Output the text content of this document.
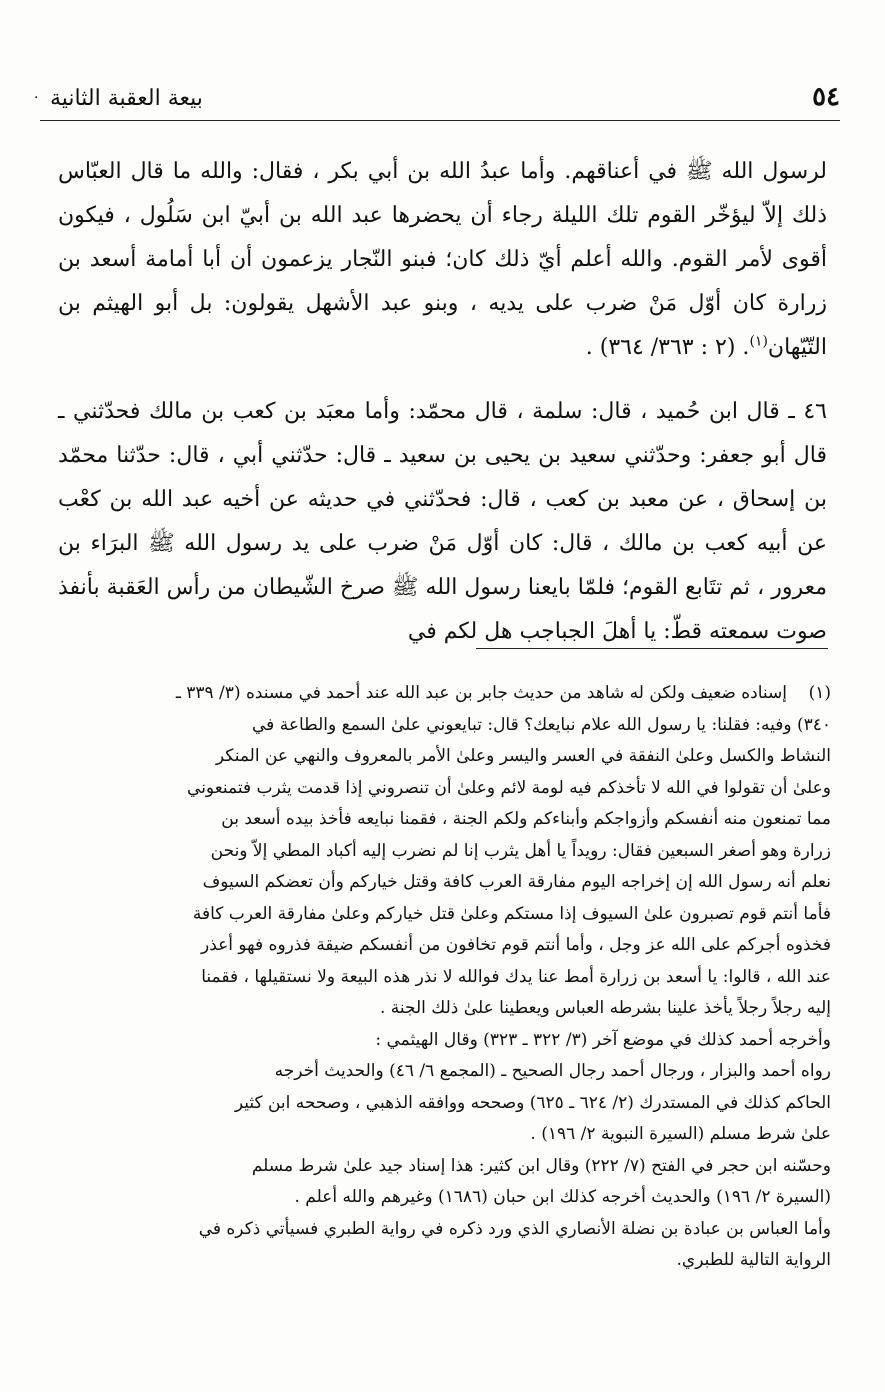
٥٤
بيعة العقبة الثانية
·

لرسول الله ﷺ في أعناقهم. وأما عبدُ الله بن أبي بكر ، فقال: والله ما قال العبّاس ذلك إلاّ ليؤخّر القوم تلك الليلة رجاء أن يحضرها عبد الله بن أبيّ ابن سَلُول ، فيكون أقوى لأمر القوم. والله أعلم أيّ ذلك كان؛ فبنو النّجار يزعمون أن أبا أمامة أسعد بن زرارة كان أوّل مَنْ ضرب على يديه ، وبنو عبد الأشهل يقولون: بل أبو الهيثم بن التّيّهان$^{(١)}$. (٢ : ٣٦٣/ ٣٦٤) .

٤٦ ـ قال ابن حُميد ، قال: سلمة ، قال محمّد: وأما معبَد بن كعب بن مالك فحدّثني ـ قال أبو جعفر: وحدّثني سعيد بن يحيى بن سعيد ـ قال: حدّثني أبي ، قال: حدّثنا محمّد بن إسحاق ، عن معبد بن كعب ، قال: فحدّثني في حديثه عن أخيه عبد الله بن كعْب عن أبيه كعب بن مالك ، قال: كان أوّل مَنْ ضرب على يد رسول الله ﷺ البرَاء بن معرور ، ثم تتَابع القوم؛ فلمّا بايعنا رسول الله ﷺ صرخ الشّيطان من رأس العَقبة بأنفذ صوت سمعته قطّ: يا أهلَ الجباجب هل لكم في

(١)
إسناده ضعيف ولكن له شاهد من حديث جابر بن عبد الله عند أحمد في مسنده (٣/ ٣٣٩ ـ
٣٤٠) وفيه: فقلنا: يا رسول الله علام نبايعك؟ قال: تبايعوني علىٰ السمع والطاعة في
النشاط والكسل وعلىٰ النفقة في العسر واليسر وعلىٰ الأمر بالمعروف والنهي عن المنكر
وعلىٰ أن تقولوا في الله لا تأخذكم فيه لومة لائم وعلىٰ أن تنصروني إذا قدمت يثرب فتمنعوني
مما تمنعون منه أنفسكم وأزواجكم وأبناءكم ولكم الجنة ، فقمنا نبايعه فأخذ بيده أسعد بن
زرارة وهو أصغر السبعين فقال: رويداً يا أهل يثرب إنا لم نضرب إليه أكباد المطي إلاّ ونحن
نعلم أنه رسول الله إن إخراجه اليوم مفارقة العرب كافة وقتل خياركم وأن تعضكم السيوف
فأما أنتم قوم تصبرون علىٰ السيوف إذا مستكم وعلىٰ قتل خياركم وعلىٰ مفارقة العرب كافة
فخذوه أجركم على الله عز وجل ، وأما أنتم قوم تخافون من أنفسكم ضيقة فذروه فهو أعذر
عند الله ، قالوا: يا أسعد بن زرارة أمط عنا يدك فوالله لا نذر هذه البيعة ولا نستقيلها ، فقمنا
إليه رجلاً رجلاً يأخذ علينا بشرطه العباس ويعطينا علىٰ ذلك الجنة .
وأخرجه أحمد كذلك في موضع آخر (٣/ ٣٢٢ ـ ٣٢٣) وقال الهيثمي :
رواه أحمد والبزار ، ورجال أحمد رجال الصحيح ـ (المجمع ٦/ ٤٦) والحديث أخرجه
الحاكم كذلك في المستدرك (٢/ ٦٢٤ ـ ٦٢٥) وصححه ووافقه الذهبي ، وصححه ابن كثير
علىٰ شرط مسلم (السيرة النبوية ٢/ ١٩٦) .
وحسّنه ابن حجر في الفتح (٧/ ٢٢٢) وقال ابن كثير: هذا إسناد جيد علىٰ شرط مسلم
(السيرة ٢/ ١٩٦) والحديث أخرجه كذلك ابن حبان (١٦٨٦) وغيرهم والله أعلم .
وأما العباس بن عبادة بن نضلة الأنصاري الذي ورد ذكره في رواية الطبري فسيأتي ذكره في
الرواية التالية للطبري.
